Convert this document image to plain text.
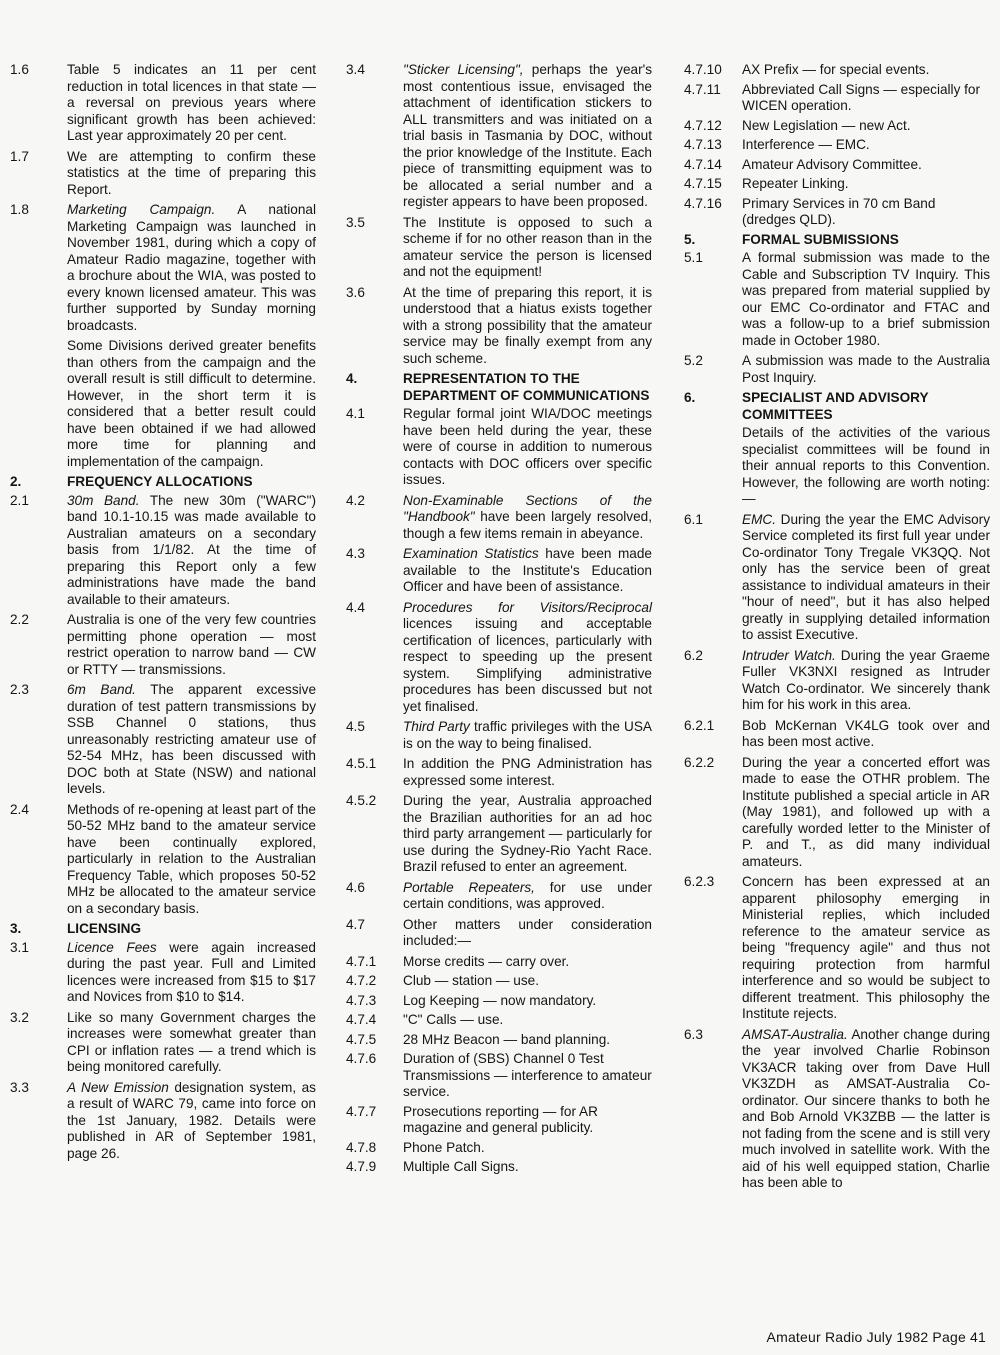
1.6	Table 5 indicates an 11 per cent reduction in total licences in that state — a reversal on previous years where significant growth has been achieved: Last year approximately 20 per cent.
1.7	We are attempting to confirm these statistics at the time of preparing this Report.
1.8	Marketing Campaign. A national Marketing Campaign was launched in November 1981, during which a copy of Amateur Radio magazine, together with a brochure about the WIA, was posted to every known licensed amateur. This was further supported by Sunday morning broadcasts.
Some Divisions derived greater benefits than others from the campaign and the overall result is still difficult to determine. However, in the short term it is considered that a better result could have been obtained if we had allowed more time for planning and implementation of the campaign.
2.	FREQUENCY ALLOCATIONS
2.1	30m Band. The new 30m ("WARC") band 10.1-10.15 was made available to Australian amateurs on a secondary basis from 1/1/82. At the time of preparing this Report only a few administrations have made the band available to their amateurs.
2.2	Australia is one of the very few countries permitting phone operation — most restrict operation to narrow band — CW or RTTY — transmissions.
2.3	6m Band. The apparent excessive duration of test pattern transmissions by SSB Channel 0 stations, thus unreasonably restricting amateur use of 52-54 MHz, has been discussed with DOC both at State (NSW) and national levels.
2.4	Methods of re-opening at least part of the 50-52 MHz band to the amateur service have been continually explored, particularly in relation to the Australian Frequency Table, which proposes 50-52 MHz be allocated to the amateur service on a secondary basis.
3.	LICENSING
3.1	Licence Fees were again increased during the past year. Full and Limited licences were increased from $15 to $17 and Novices from $10 to $14.
3.2	Like so many Government charges the increases were somewhat greater than CPI or inflation rates — a trend which is being monitored carefully.
3.3	A New Emission designation system, as a result of WARC 79, came into force on the 1st January, 1982. Details were published in AR of September 1981, page 26.
3.4	"Sticker Licensing", perhaps the year's most contentious issue, envisaged the attachment of identification stickers to ALL transmitters and was initiated on a trial basis in Tasmania by DOC, without the prior knowledge of the Institute. Each piece of transmitting equipment was to be allocated a serial number and a register appears to have been proposed.
3.5	The Institute is opposed to such a scheme if for no other reason than in the amateur service the person is licensed and not the equipment!
3.6	At the time of preparing this report, it is understood that a hiatus exists together with a strong possibility that the amateur service may be finally exempt from any such scheme.
4.	REPRESENTATION TO THE DEPARTMENT OF COMMUNICATIONS
4.1	Regular formal joint WIA/DOC meetings have been held during the year, these were of course in addition to numerous contacts with DOC officers over specific issues.
4.2	Non-Examinable Sections of the "Handbook" have been largely resolved, though a few items remain in abeyance.
4.3	Examination Statistics have been made available to the Institute's Education Officer and have been of assistance.
4.4	Procedures for Visitors/Reciprocal licences issuing and acceptable certification of licences, particularly with respect to speeding up the present system. Simplifying administrative procedures has been discussed but not yet finalised.
4.5	Third Party traffic privileges with the USA is on the way to being finalised.
4.5.1	In addition the PNG Administration has expressed some interest.
4.5.2	During the year, Australia approached the Brazilian authorities for an ad hoc third party arrangement — particularly for use during the Sydney-Rio Yacht Race. Brazil refused to enter an agreement.
4.6	Portable Repeaters, for use under certain conditions, was approved.
4.7	Other matters under consideration included:—
4.7.1	Morse credits — carry over.
4.7.2	Club — station — use.
4.7.3	Log Keeping — now mandatory.
4.7.4	"C" Calls — use.
4.7.5	28 MHz Beacon — band planning.
4.7.6	Duration of (SBS) Channel 0 Test Transmissions — interference to amateur service.
4.7.7	Prosecutions reporting — for AR magazine and general publicity.
4.7.8	Phone Patch.
4.7.9	Multiple Call Signs.
4.7.10	AX Prefix — for special events.
4.7.11	Abbreviated Call Signs — especially for WICEN operation.
4.7.12	New Legislation — new Act.
4.7.13	Interference — EMC.
4.7.14	Amateur Advisory Committee.
4.7.15	Repeater Linking.
4.7.16	Primary Services in 70 cm Band (dredges QLD).
5.	FORMAL SUBMISSIONS
5.1	A formal submission was made to the Cable and Subscription TV Inquiry. This was prepared from material supplied by our EMC Co-ordinator and FTAC and was a follow-up to a brief submission made in October 1980.
5.2	A submission was made to the Australia Post Inquiry.
6.	SPECIALIST AND ADVISORY COMMITTEES
Details of the activities of the various specialist committees will be found in their annual reports to this Convention. However, the following are worth noting:—
6.1	EMC. During the year the EMC Advisory Service completed its first full year under Co-ordinator Tony Tregale VK3QQ. Not only has the service been of great assistance to individual amateurs in their "hour of need", but it has also helped greatly in supplying detailed information to assist Executive.
6.2	Intruder Watch. During the year Graeme Fuller VK3NXI resigned as Intruder Watch Co-ordinator. We sincerely thank him for his work in this area.
6.2.1	Bob McKernan VK4LG took over and has been most active.
6.2.2	During the year a concerted effort was made to ease the OTHR problem. The Institute published a special article in AR (May 1981), and followed up with a carefully worded letter to the Minister of P. and T., as did many individual amateurs.
6.2.3	Concern has been expressed at an apparent philosophy emerging in Ministerial replies, which included reference to the amateur service as being "frequency agile" and thus not requiring protection from harmful interference and so would be subject to different treatment. This philosophy the Institute rejects.
6.3	AMSAT-Australia. Another change during the year involved Charlie Robinson VK3ACR taking over from Dave Hull VK3ZDH as AMSAT-Australia Co-ordinator. Our sincere thanks to both he and Bob Arnold VK3ZBB — the latter is not fading from the scene and is still very much involved in satellite work. With the aid of his well equipped station, Charlie has been able to
Amateur Radio July 1982 Page 41
